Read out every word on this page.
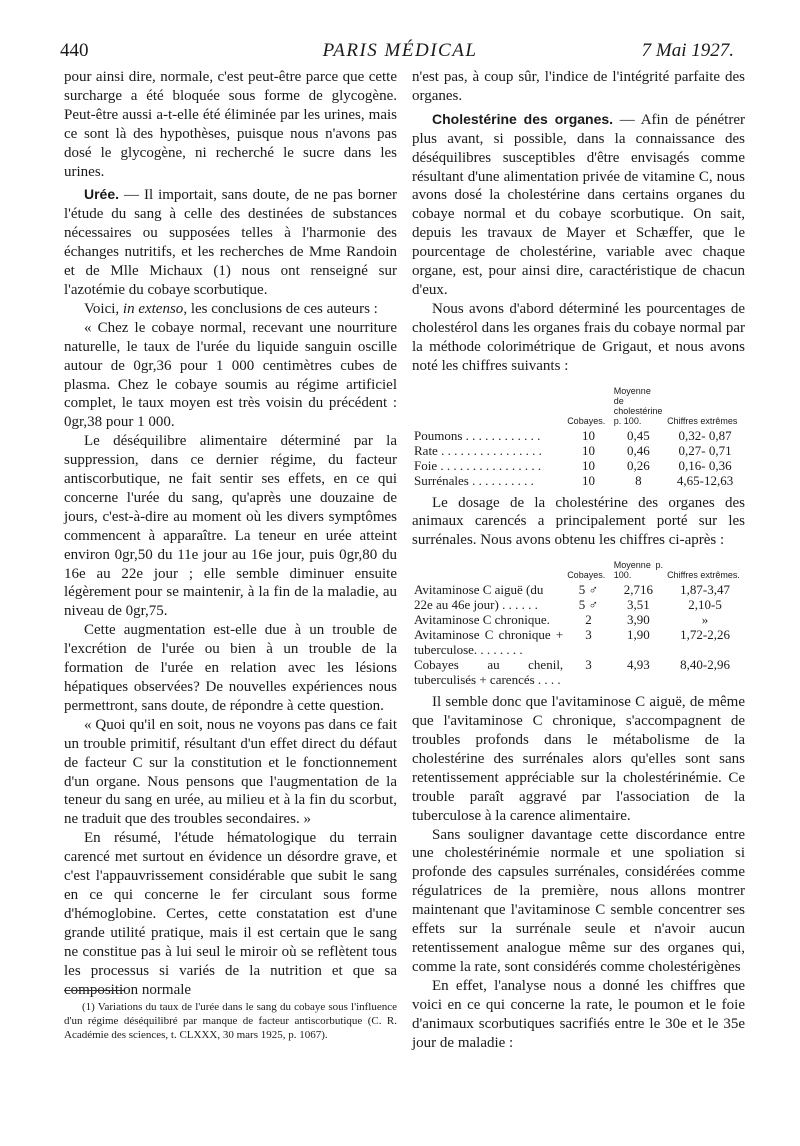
440	PARIS MÉDICAL	7 Mai 1927.

pour ainsi dire, normale, c'est peut-être parce que cette surcharge a été bloquée sous forme de glycogène. Peut-être aussi a-t-elle été éliminée par les urines, mais ce sont là des hypothèses, puisque nous n'avons pas dosé le glycogène, ni recherché le sucre dans les urines.

Urée. — Il importait, sans doute, de ne pas borner l'étude du sang à celle des destinées de substances nécessaires ou supposées telles à l'harmonie des échanges nutritifs, et les recherches de Mme Randoin et de Mlle Michaux (1) nous ont renseigné sur l'azotémie du cobaye scorbutique.

Voici, in extenso, les conclusions de ces auteurs :

« Chez le cobaye normal, recevant une nourriture naturelle, le taux de l'urée du liquide sanguin oscille autour de 0gr,36 pour 1 000 centimètres cubes de plasma. Chez le cobaye soumis au régime artificiel complet, le taux moyen est très voisin du précédent : 0gr,38 pour 1 000.

Le déséquilibre alimentaire déterminé par la suppression, dans ce dernier régime, du facteur antiscorbutique, ne fait sentir ses effets, en ce qui concerne l'urée du sang, qu'après une douzaine de jours, c'est-à-dire au moment où les divers symptômes commencent à apparaître. La teneur en urée atteint environ 0gr,50 du 11e jour au 16e jour, puis 0gr,80 du 16e au 22e jour ; elle semble diminuer ensuite légèrement pour se maintenir, à la fin de la maladie, au niveau de 0gr,75.

Cette augmentation est-elle due à un trouble de l'excrétion de l'urée ou bien à un trouble de la formation de l'urée en relation avec les lésions hépatiques observées? De nouvelles expériences nous permettront, sans doute, de répondre à cette question.

« Quoi qu'il en soit, nous ne voyons pas dans ce fait un trouble primitif, résultant d'un effet direct du défaut de facteur C sur la constitution et le fonctionnement d'un organe. Nous pensons que l'augmentation de la teneur du sang en urée, au milieu et à la fin du scorbut, ne traduit que des troubles secondaires. »

En résumé, l'étude hématologique du terrain carencé met surtout en évidence un désordre grave, et c'est l'appauvrissement considérable que subit le sang en ce qui concerne le fer circulant sous forme d'hémoglobine. Certes, cette constatation est d'une grande utilité pratique, mais il est certain que le sang ne constitue pas à lui seul le miroir où se reflètent tous les processus si variés de la nutrition et que sa composition normale

(1) Variations du taux de l'urée dans le sang du cobaye sous l'influence d'un régime déséquilibré par manque de facteur antiscorbutique (C. R. Académie des sciences, t. CLXXX, 30 mars 1925, p. 1067).

n'est pas, à coup sûr, l'indice de l'intégrité parfaite des organes.

Cholestérine des organes. — Afin de pénétrer plus avant, si possible, dans la connaissance des déséquilibres susceptibles d'être envisagés comme résultant d'une alimentation privée de vitamine C, nous avons dosé la cholestérine dans certains organes du cobaye normal et du cobaye scorbutique. On sait, depuis les travaux de Mayer et Schæffer, que le pourcentage de cholestérine, variable avec chaque organe, est, pour ainsi dire, caractéristique de chacun d'eux.

Nous avons d'abord déterminé les pourcentages de cholestérol dans les organes frais du cobaye normal par la méthode colorimétrique de Grigaut, et nous avons noté les chiffres suivants :

	Cobayes.	Moyenne de cholestérine p. 100.	Chiffres extrêmes
Poumons . . . . . . . . . . . .	10	0,45	0,32- 0,87
Rate . . . . . . . . . . . . . . . .	10	0,46	0,27- 0,71
Foie . . . . . . . . . . . . . . . .	10	0,26	0,16- 0,36
Surrénales . . . . . . . . . .	10	8	4,65-12,63

Le dosage de la cholestérine des organes des animaux carencés a principalement porté sur les surrénales. Nous avons obtenu les chiffres ci-après :

	Cobayes.	Moyenne p. 100.	Chiffres extrêmes.
Avitaminose C aiguë (du	5 ♂	2,716	1,87-3,47
22e au 46e jour) . . . . . .	5 ♂	3,51	2,10-5
Avitaminose C chronique.	2	3,90	»
Avitaminose C chronique + tuberculose. . . . . . . .	3	1,90	1,72-2,26
Cobayes au chenil, tuberculisés + carencés . . . .	3	4,93	8,40-2,96

Il semble donc que l'avitaminose C aiguë, de même que l'avitaminose C chronique, s'accompagnent de troubles profonds dans le métabolisme de la cholestérine des surrénales alors qu'elles sont sans retentissement appréciable sur la cholestérinémie. Ce trouble paraît aggravé par l'association de la tuberculose à la carence alimentaire.

Sans souligner davantage cette discordance entre une cholestérinémie normale et une spoliation si profonde des capsules surrénales, considérées comme régulatrices de la première, nous allons montrer maintenant que l'avitaminose C semble concentrer ses effets sur la surrénale seule et n'avoir aucun retentissement analogue même sur des organes qui, comme la rate, sont considérés comme cholestérigènes

En effet, l'analyse nous a donné les chiffres que voici en ce qui concerne la rate, le poumon et le foie d'animaux scorbutiques sacrifiés entre le 30e et le 35e jour de maladie :
